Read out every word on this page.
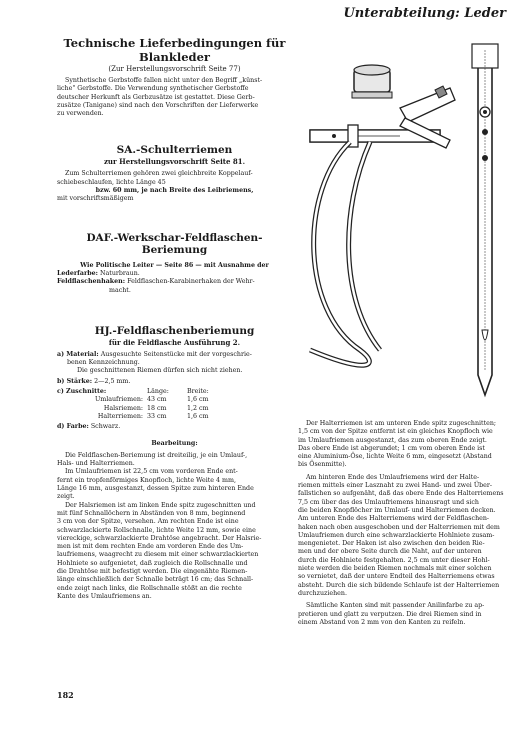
Unterabteilung: Leder

Technische Lieferbedingungen für Blankleder

(Zur Herstellungsvorschrift Seite 77)

Synthetische Gerbstoffe fallen nicht unter den Begriff „künst-
liche" Gerbstoffe. Die Verwendung synthetischer Gerbstoffe
deutscher Herkunft als Gerbzusätze ist gestattet. Diese Gerb-
zusätze (Tanigane) sind nach den Vorschriften der Lieferwerke
zu verwenden.

SA.-Schulterriemen

zur Herstellungsvorschrift Seite 81.

Zum Schulterriemen gehören zwei gleichbreite Koppelauf-
schiebeschlaufen, lichte Länge 45
bzw. 60 mm, je nach Breite des Leibriemens,
mit vorschriftsmäßigem

DAF.-Werkschar-Feldflaschen-Beriemung

Wie Politische Leiter — Seite 86 — mit Ausnahme der
Lederfarbe: Naturbraun.
Feldflaschenhaken: Feldflaschen-Karabinerhaken der Wehr-
macht.

HJ.-Feldflaschenberiemung

für die Feldflasche Ausführung 2.

a) Material: Ausgesuchte Seitenstücke mit der vorgeschrie-
benen Kennzeichnung.
Die geschnittenen Riemen dürfen sich nicht ziehen.
b) Stärke: 2—2,5 mm.
c) Zuschnitte:	Länge:	Breite:
Umlaufriemen: 43 cm	1,6 cm
Halsriemen: 18 cm	1,2 cm
Halterriemen: 33 cm	1,6 cm
d) Farbe: Schwarz.

Bearbeitung:

Die Feldflaschen-Beriemung ist dreiteilig, je ein Umlauf-,
Hals- und Halterriemen.
Im Umlaufriemen ist 22,5 cm vom vorderen Ende ent-
fernt ein tropfenförmiges Knopfloch, lichte Weite 4 mm,
Länge 16 mm, ausgestanzt, dessen Spitze zum hinteren Ende
zeigt.
Der Halsriemen ist am linken Ende spitz zugeschnitten und
mit fünf Schnallöchern in Abständen von 8 mm, beginnend
3 cm von der Spitze, versehen. Am rechten Ende ist eine
schwarzlackierte Rollschnalle, lichte Weite 12 mm, sowie eine
viereckige, schwarzlackierte Drahtöse angebracht. Der Halsrie-
men ist mit dem rechten Ende am vorderen Ende des Um-
laufriemens, waagrecht zu diesem mit einer schwarzlackierten
Hohlniete so aufgenietet, daß zugleich die Rollschnalle und
die Drahtöse mit befestigt werden. Die eingenähte Riemen-
länge einschließlich der Schnalle beträgt 16 cm; das Schnall-
ende zeigt nach links, die Rollschnalle stößt an die rechte
Kante des Umlaufriemens an.
Der Halterriemen ist am unteren Ende spitz zugeschnitten;
1,5 cm von der Spitze entfernt ist ein gleiches Knopfloch wie
im Umlaufriemen ausgestanzt, das zum oberen Ende zeigt.
Das obere Ende ist abgerundet; 1 cm vom oberen Ende ist
eine Aluminium-Öse, lichte Weite 6 mm, eingesetzt (Abstand
bis Ösenmitte).
Am hinteren Ende des Umlaufriemens wird der Halte-
riemen mittels einer Lasznaht zu zwei Hand- und zwei Über-
fallstichen so aufgenäht, daß das obere Ende des Halterriemens
7,5 cm über das des Umlaufriemens hinausragt und sich
die beiden Knopflöcher im Umlauf- und Halterriemen decken.
Am unteren Ende des Halterriemens wird der Feldflaschen-
haken nach oben ausgeschoben und der Halterriemen mit dem
Umlaufriemen durch eine schwarzlackierte Hohlniete zusam-
mengenietet. Der Haken ist also zwischen den beiden Rie-
men und der obere Seite durch die Naht, auf der unteren
durch die Hohlniete festgehalten. 2,5 cm unter dieser Hohl-
niete werden die beiden Riemen nochmals mit einer solchen
so vernietet, daß der untere Endteil des Halterriemens etwas
absteht. Durch die sich bildende Schlaufe ist der Halterriemen
durchzuziehen.
Sämtliche Kanten sind mit passender Anilinfarbe zu ap-
pretieren und glatt zu verputzen. Die drei Riemen sind in
einem Abstand von 2 mm von den Kanten zu reifeln.
182
